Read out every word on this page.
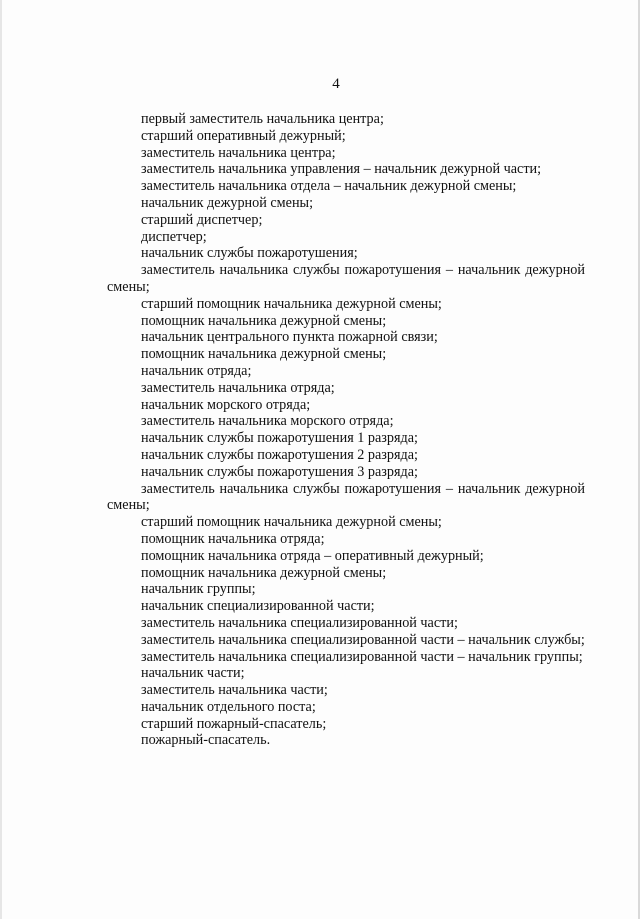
4
первый заместитель начальника центра;
старший оперативный дежурный;
заместитель начальника центра;
заместитель начальника управления – начальник дежурной части;
заместитель начальника отдела – начальник дежурной смены;
начальник дежурной смены;
старший диспетчер;
диспетчер;
начальник службы пожаротушения;
заместитель начальника службы пожаротушения – начальник дежурной
смены;
старший помощник начальника дежурной смены;
помощник начальника дежурной смены;
начальник центрального пункта пожарной связи;
помощник начальника дежурной смены;
начальник отряда;
заместитель начальника отряда;
начальник морского отряда;
заместитель начальника морского отряда;
начальник службы пожаротушения 1 разряда;
начальник службы пожаротушения 2 разряда;
начальник службы пожаротушения 3 разряда;
заместитель начальника службы пожаротушения – начальник дежурной
смены;
старший помощник начальника дежурной смены;
помощник начальника отряда;
помощник начальника отряда – оперативный дежурный;
помощник начальника дежурной смены;
начальник группы;
начальник специализированной части;
заместитель начальника специализированной части;
заместитель начальника специализированной части – начальник службы;
заместитель начальника специализированной части – начальник группы;
начальник части;
заместитель начальника части;
начальник отдельного поста;
старший пожарный-спасатель;
пожарный-спасатель.
